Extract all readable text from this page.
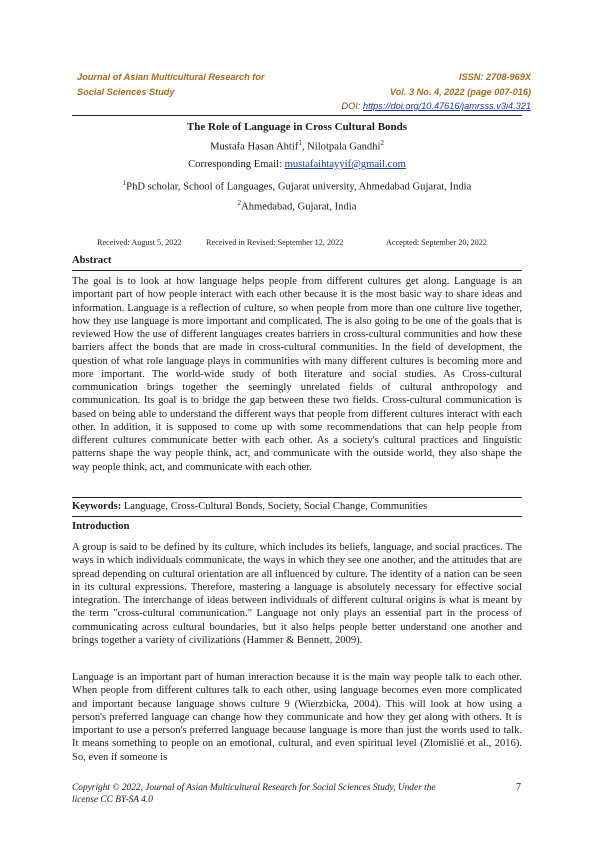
Journal of Asian Multicultural Research for
Social Sciences Study
ISSN: 2708-969X
Vol. 3 No. 4, 2022 (page 007-016)
DOI: https://doi.org/10.47616/jamrsss.v3i4.321
The Role of Language in Cross Cultural Bonds
Mustafa Hasan Ahtif$^1$, Nilotpala Gandhi$^2$
Corresponding Email: mustafaihtayyif@gmail.com
$^1$PhD scholar, School of Languages, Gujarat university, Ahmedabad Gujarat, India
$^2$Ahmedabad, Gujarat, India
Received: August 5, 2022	Received in Revised: September 12, 2022	Accepted: September 20, 2022
Abstract

The goal is to look at how language helps people from different cultures get along. Language is an important part of how people interact with each other because it is the most basic way to share ideas and information. Language is a reflection of culture, so when people from more than one culture live together, how they use language is more important and complicated. The is also going to be one of the goals that is reviewed How the use of different languages creates barriers in cross-cultural communities and how these barriers affect the bonds that are made in cross-cultural communities. In the field of development, the question of what role language plays in communities with many different cultures is becoming more and more important. The world-wide study of both literature and social studies. As Cross-cultural communication brings together the seemingly unrelated fields of cultural anthropology and communication. Its goal is to bridge the gap between these two fields. Cross-cultural communication is based on being able to understand the different ways that people from different cultures interact with each other. In addition, it is supposed to come up with some recommendations that can help people from different cultures communicate better with each other. As a society's cultural practices and linguistic patterns shape the way people think, act, and communicate with the outside world, they also shape the way people think, act, and communicate with each other.

Keywords: Language, Cross-Cultural Bonds, Society, Social Change, Communities
Introduction

A group is said to be defined by its culture, which includes its beliefs, language, and social practices. The ways in which individuals communicate, the ways in which they see one another, and the attitudes that are spread depending on cultural orientation are all influenced by culture. The identity of a nation can be seen in its cultural expressions. Therefore, mastering a language is absolutely necessary for effective social integration. The interchange of ideas between individuals of different cultural origins is what is meant by the term "cross-cultural communication." Language not only plays an essential part in the process of communicating across cultural boundaries, but it also helps people better understand one another and brings together a variety of civilizations (Hammer & Bennett, 2009).

Language is an important part of human interaction because it is the main way people talk to each other. When people from different cultures talk to each other, using language becomes even more complicated and important because language shows culture 9 (Wierzbicka, 2004). This will look at how using a person's preferred language can change how they communicate and how they get along with others. It is important to use a person's preferred language because language is more than just the words used to talk. It means something to people on an emotional, cultural, and even spiritual level (Zlomislié et al., 2016). So, even if someone is

Copyright © 2022, Journal of Asian Multicultural Research for Social Sciences Study, Under the license CC BY-SA 4.0
7
